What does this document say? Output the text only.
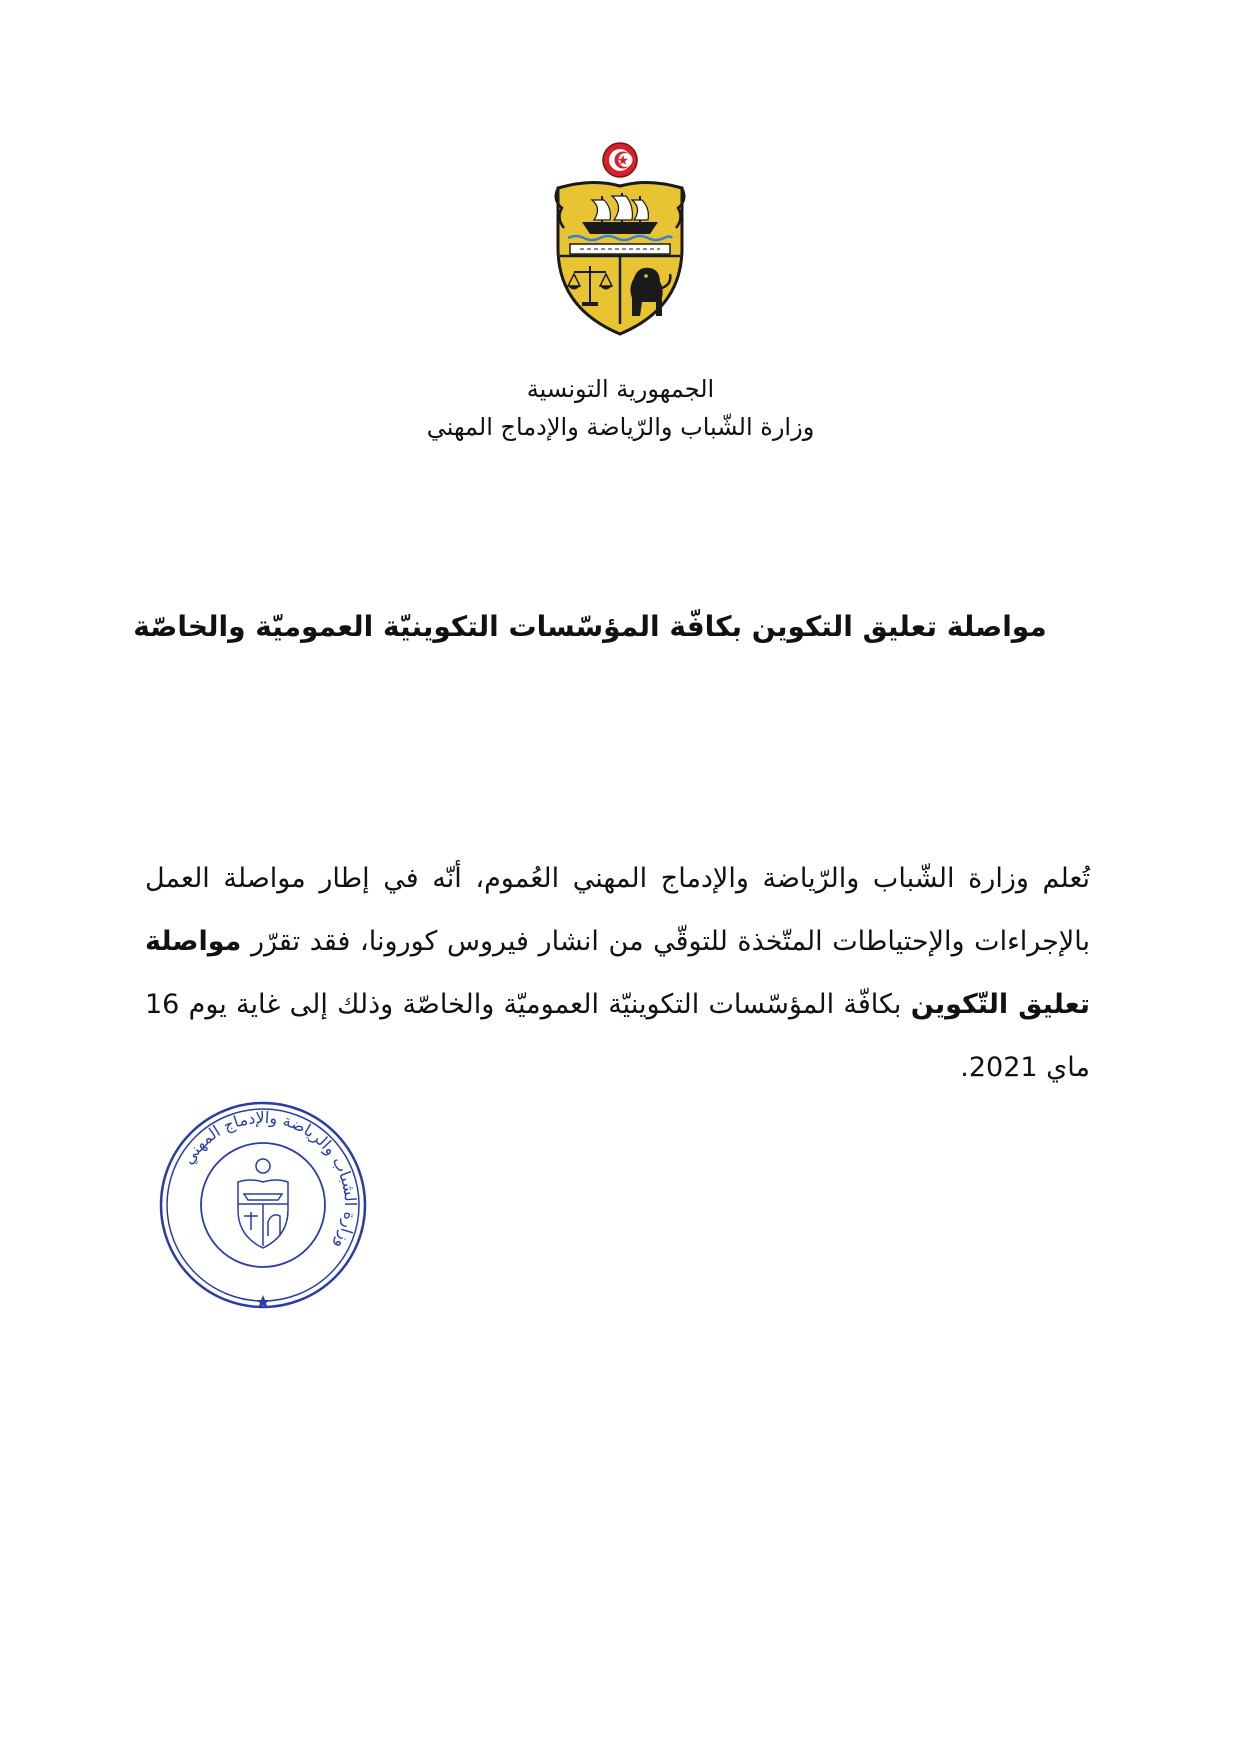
الجمهورية التونسية
وزارة الشّباب والرّياضة والإدماج المهني
مواصلة تعليق التكوين بكافّة المؤسّسات التكوينيّة العموميّة والخاصّة

تُعلم وزارة الشّباب والرّياضة والإدماج المهني العُموم، أنّه في إطار مواصلة العمل بالإجراءات والإحتياطات المتّخذة للتوقّي من انشار فيروس كورونا، فقد تقرّر مواصلة تعليق التّكوين بكافّة المؤسّسات التكوينيّة العموميّة والخاصّة وذلك إلى غاية يوم 16 ماي 2021.

وزارة الشباب والرياضة والإدماج المهني
